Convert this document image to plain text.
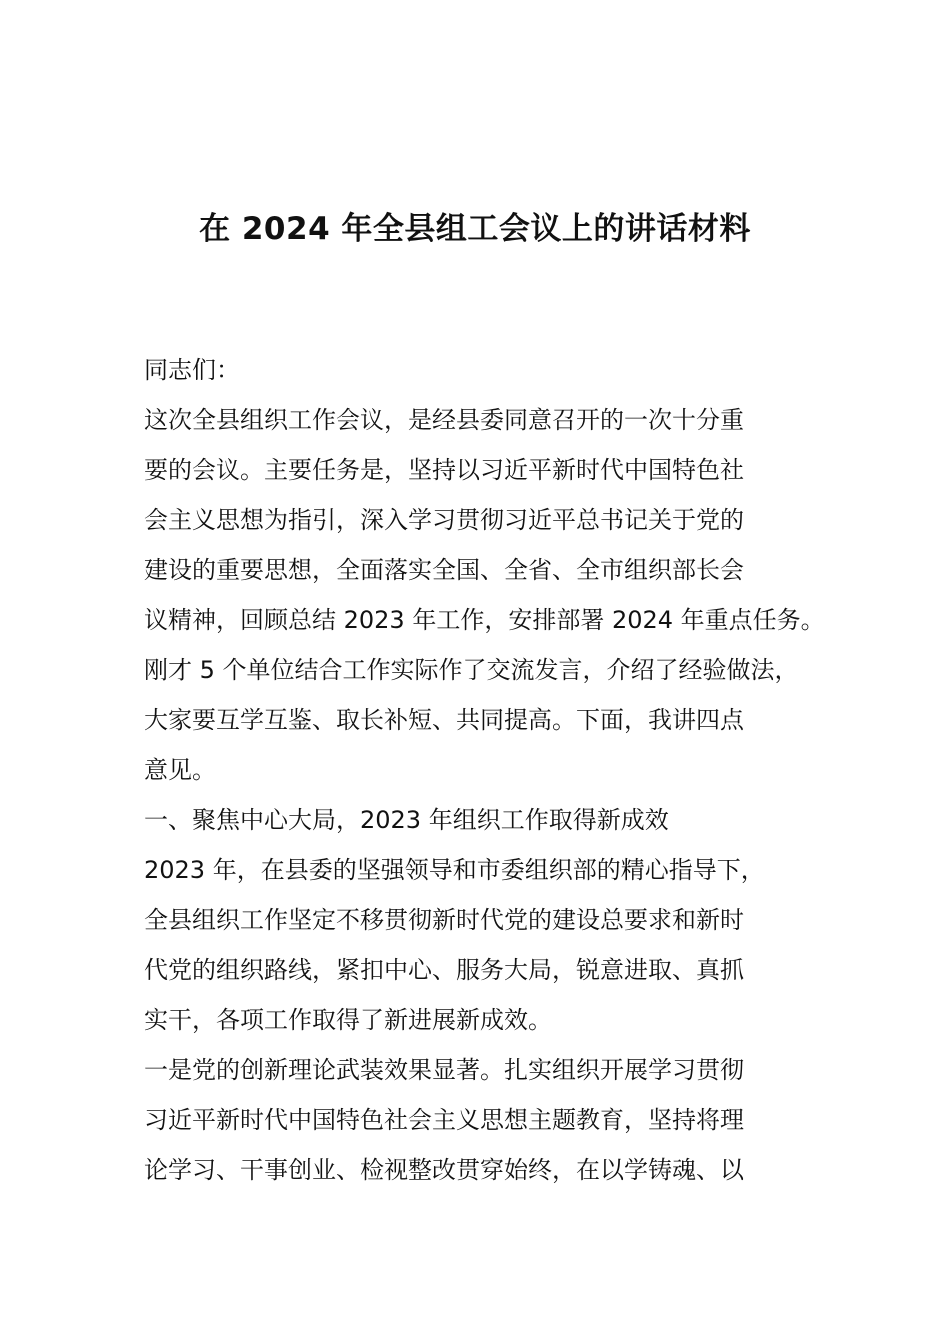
在 2024 年全县组工会议上的讲话材料

同志们：

这次全县组织工作会议，是经县委同意召开的一次十分重

要的会议。主要任务是，坚持以习近平新时代中国特色社

会主义思想为指引，深入学习贯彻习近平总书记关于党的

建设的重要思想，全面落实全国、全省、全市组织部长会

议精神，回顾总结 2023 年工作，安排部署 2024 年重点任务。

刚才 5 个单位结合工作实际作了交流发言，介绍了经验做法，

大家要互学互鉴、取长补短、共同提高。下面，我讲四点

意见。

一、聚焦中心大局，2023 年组织工作取得新成效

2023 年，在县委的坚强领导和市委组织部的精心指导下，

全县组织工作坚定不移贯彻新时代党的建设总要求和新时

代党的组织路线，紧扣中心、服务大局，锐意进取、真抓

实干，各项工作取得了新进展新成效。

一是党的创新理论武装效果显著。扎实组织开展学习贯彻

习近平新时代中国特色社会主义思想主题教育，坚持将理

论学习、干事创业、检视整改贯穿始终，在以学铸魂、以
